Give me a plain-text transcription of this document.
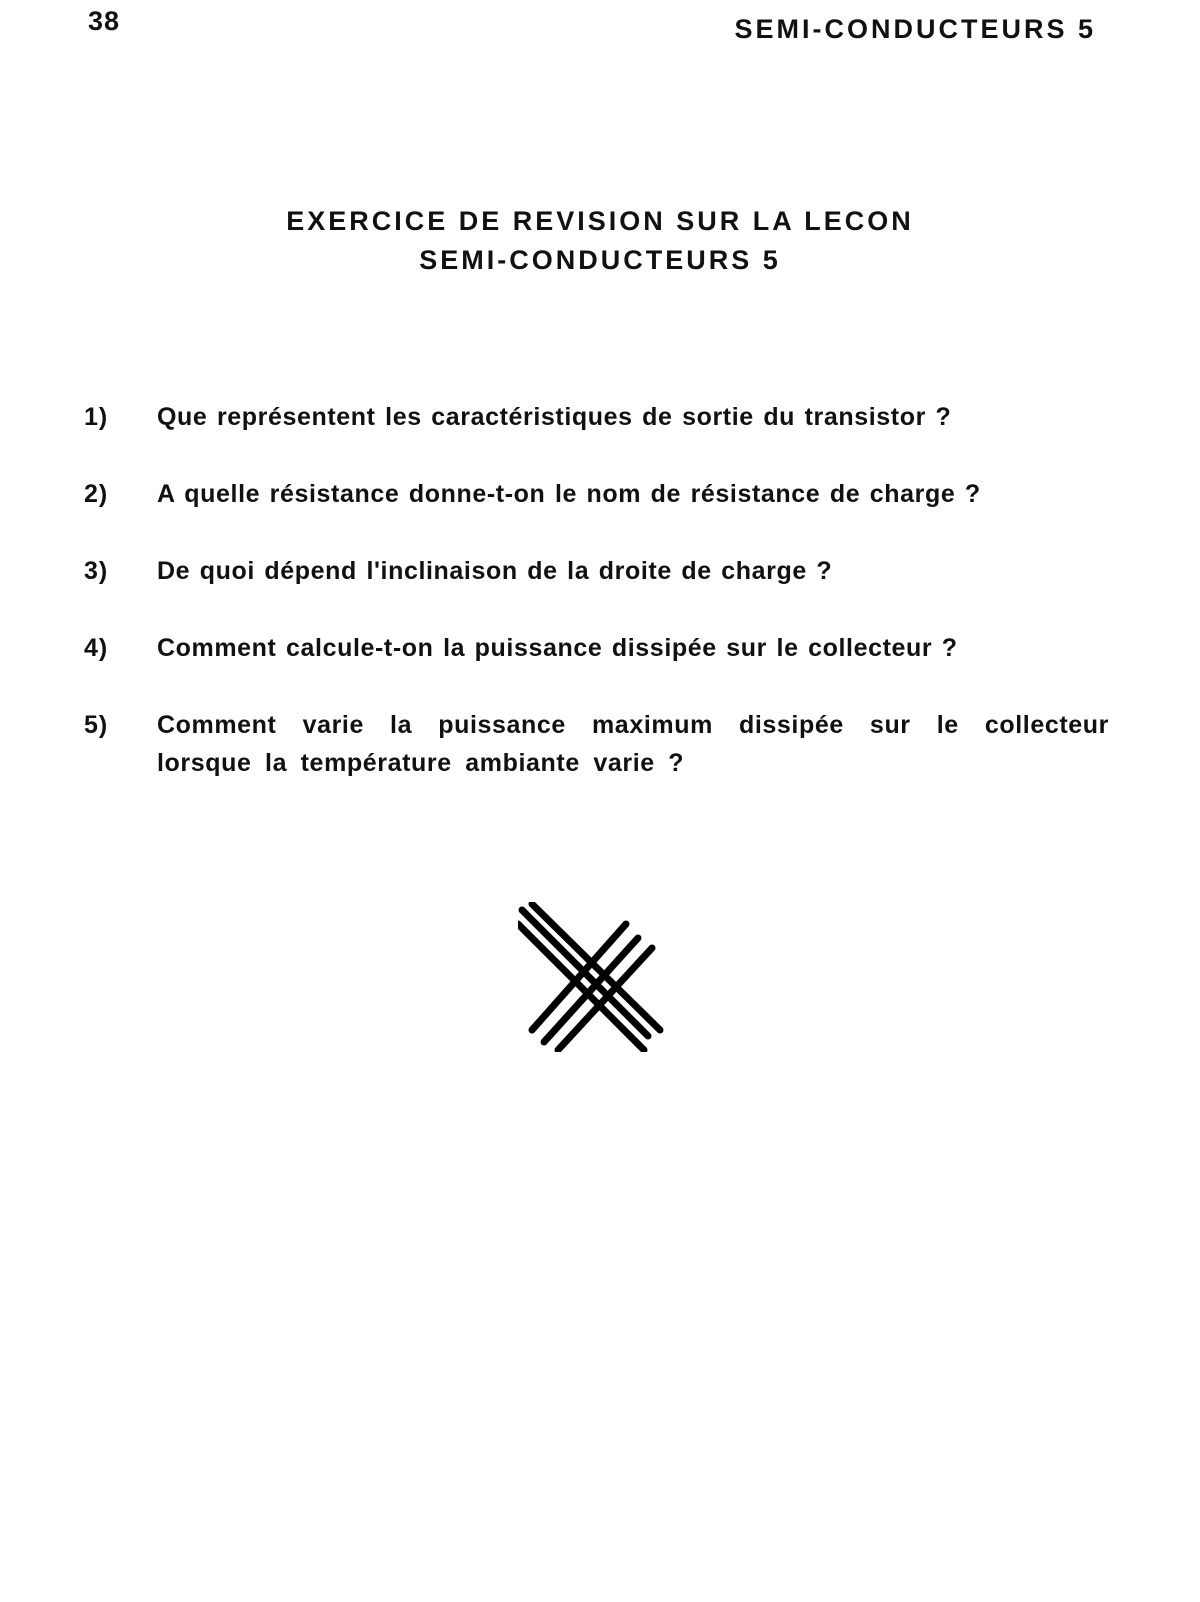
38	SEMI-CONDUCTEURS 5
EXERCICE DE REVISION SUR LA LECON
SEMI-CONDUCTEURS 5
1)	Que représentent les caractéristiques de sortie du transistor ?
2)	A quelle résistance donne-t-on le nom de résistance de charge ?
3)	De quoi dépend l'inclinaison de la droite de charge ?
4)	Comment calcule-t-on la puissance dissipée sur le collecteur ?
5)	Comment varie la puissance maximum dissipée sur le collecteur lorsque la température ambiante varie ?
